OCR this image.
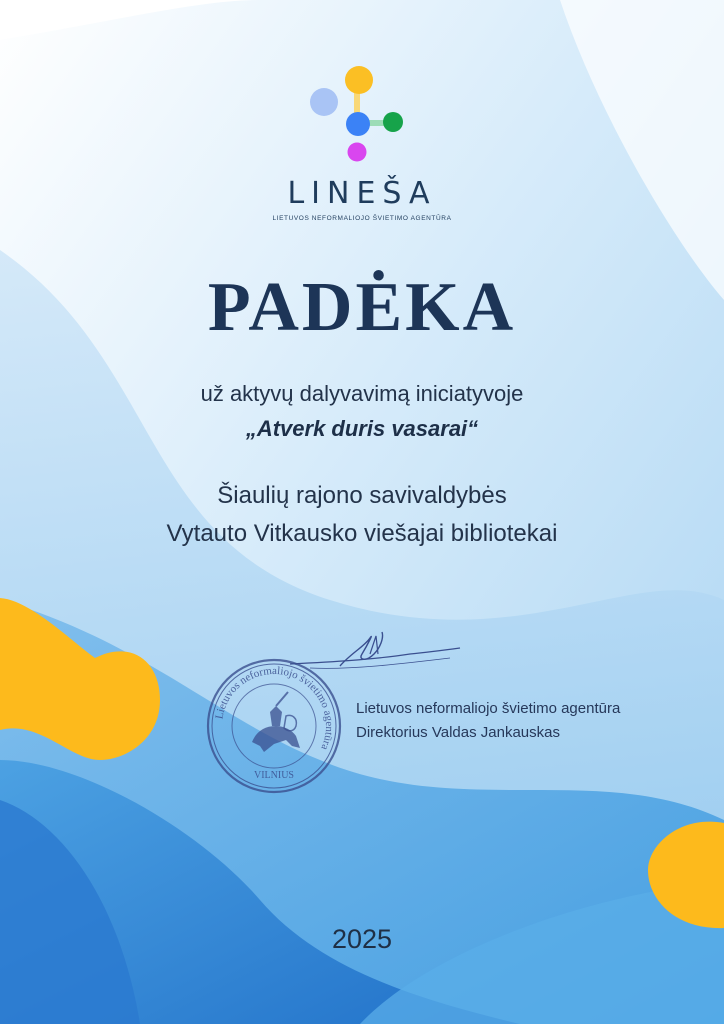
LINEŠA
LIETUVOS NEFORMALIOJO ŠVIETIMO AGENTŪRA
PADĖKA
už aktyvų dalyvavimą iniciatyvoje
„Atverk duris vasarai“
Šiaulių rajono savivaldybės
Vytauto Vitkausko viešajai bibliotekai
Lietuvos neformaliojo švietimo agentūra
VILNIUS
Lietuvos neformaliojo švietimo agentūra
Direktorius Valdas Jankauskas
2025
